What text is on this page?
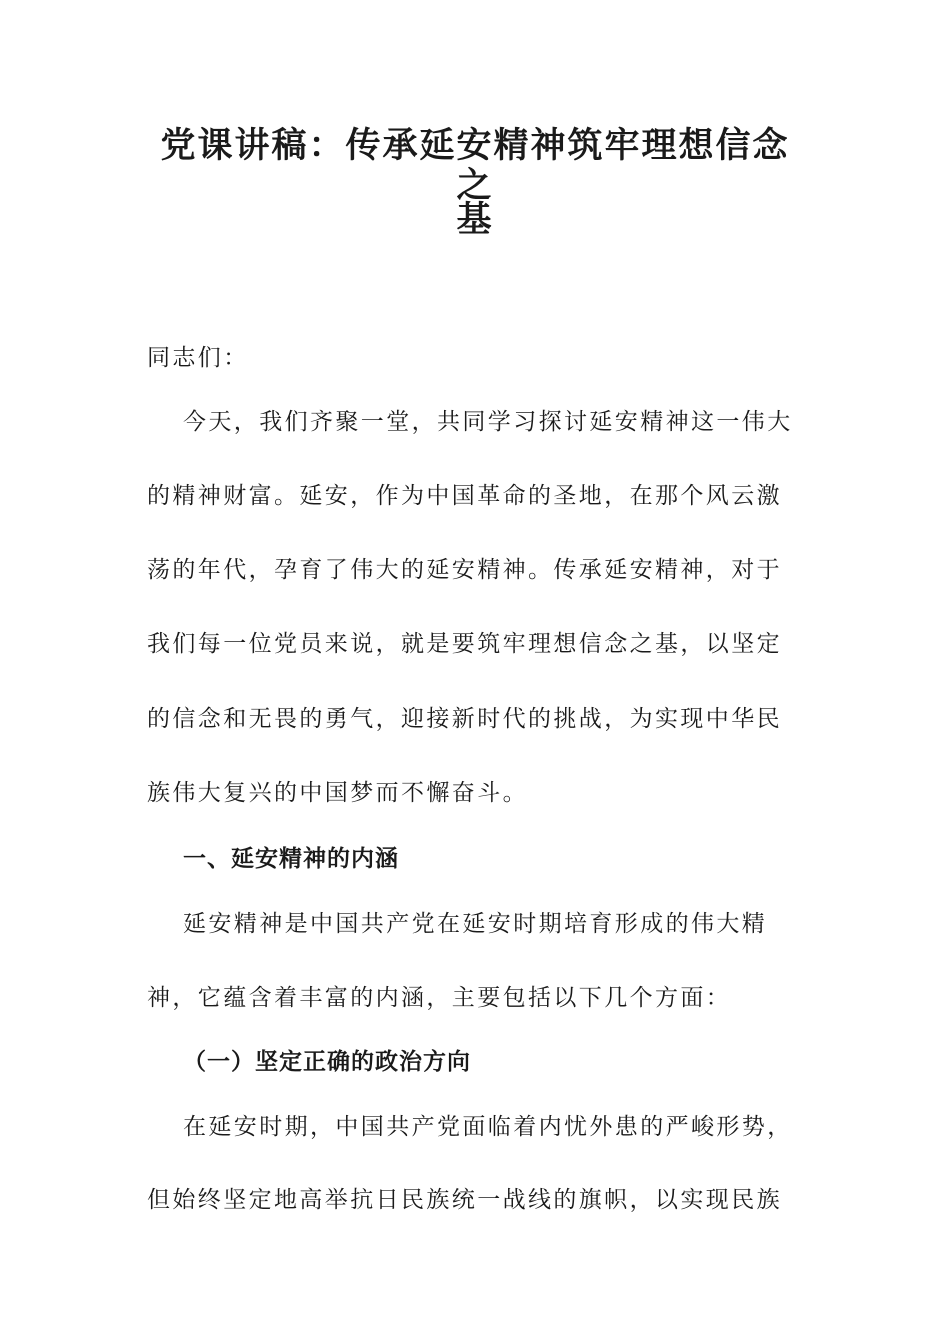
党课讲稿：传承延安精神筑牢理想信念之
基
同志们：
今天，我们齐聚一堂，共同学习探讨延安精神这一伟大
的精神财富。延安，作为中国革命的圣地，在那个风云激
荡的年代，孕育了伟大的延安精神。传承延安精神，对于
我们每一位党员来说，就是要筑牢理想信念之基，以坚定
的信念和无畏的勇气，迎接新时代的挑战，为实现中华民
族伟大复兴的中国梦而不懈奋斗。
一、延安精神的内涵
延安精神是中国共产党在延安时期培育形成的伟大精
神，它蕴含着丰富的内涵，主要包括以下几个方面：
（一）坚定正确的政治方向
在延安时期，中国共产党面临着内忧外患的严峻形势，
但始终坚定地高举抗日民族统一战线的旗帜，以实现民族
